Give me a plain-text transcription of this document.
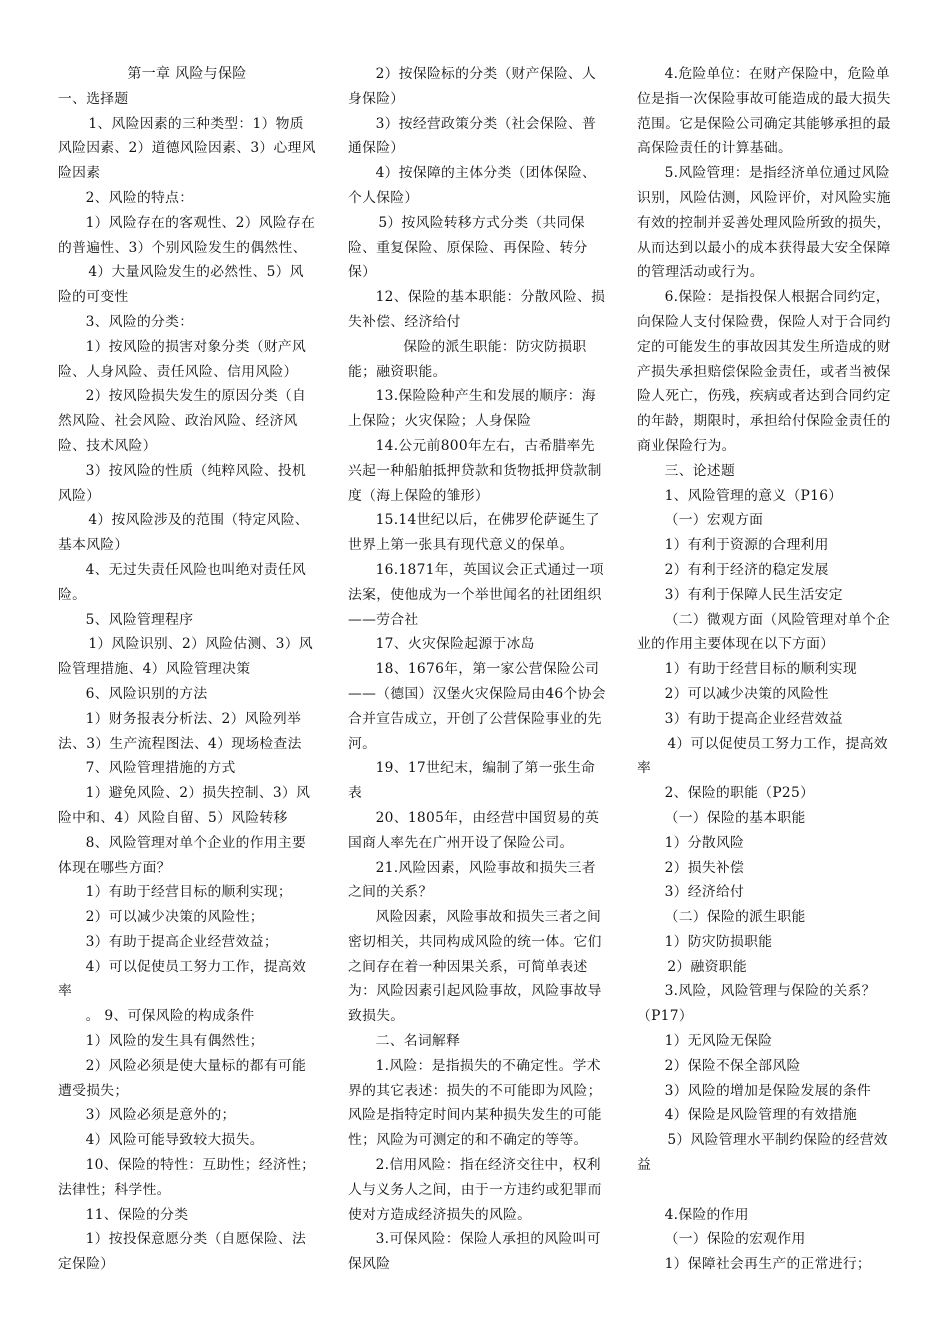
第一章 风险与保险

一、选择题

1、风险因素的三种类型：1）物质风险因素、2）道德风险因素、3）心理风险因素

2、风险的特点：

1）风险存在的客观性、2）风险存在的普遍性、3）个别风险发生的偶然性、

4）大量风险发生的必然性、5）风险的可变性

3、风险的分类：

1）按风险的损害对象分类（财产风险、人身风险、责任风险、信用风险）

2）按风险损失发生的原因分类（自然风险、社会风险、政治风险、经济风险、技术风险）

3）按风险的性质（纯粹风险、投机风险）

4）按风险涉及的范围（特定风险、基本风险）

4、无过失责任风险也叫绝对责任风险。

5、风险管理程序

1）风险识别、2）风险估测、3）风险管理措施、4）风险管理决策

6、风险识别的方法

1）财务报表分析法、2）风险列举法、3）生产流程图法、4）现场检查法

7、风险管理措施的方式

1）避免风险、2）损失控制、3）风险中和、4）风险自留、5）风险转移

8、风险管理对单个企业的作用主要体现在哪些方面？

1）有助于经营目标的顺利实现；

2）可以减少决策的风险性；

3）有助于提高企业经营效益；

4）可以促使员工努力工作，提高效率

。 9、可保风险的构成条件

1）风险的发生具有偶然性；

2）风险必须是使大量标的都有可能遭受损失；

3）风险必须是意外的；

4）风险可能导致较大损失。

10、保险的特性：互助性；经济性；法律性；科学性。

11、保险的分类

1）按投保意愿分类（自愿保险、法定保险）

2）按保险标的分类（财产保险、人身保险）

3）按经营政策分类（社会保险、普通保险）

4）按保障的主体分类（团体保险、个人保险）

5）按风险转移方式分类（共同保险、重复保险、原保险、再保险、转分保）

12、保险的基本职能：分散风险、损失补偿、经济给付

保险的派生职能：防灾防损职能；融资职能。

13.保险险种产生和发展的顺序：海上保险；火灾保险；人身保险

14.公元前800年左右，古希腊率先兴起一种船舶抵押贷款和货物抵押贷款制度（海上保险的雏形）

15.14世纪以后，在佛罗伦萨诞生了世界上第一张具有现代意义的保单。

16.1871年，英国议会正式通过一项法案，使他成为一个举世闻名的社团组织——劳合社

17、火灾保险起源于冰岛

18、1676年，第一家公营保险公司——（德国）汉堡火灾保险局由46个协会合并宣告成立，开创了公营保险事业的先河。

19、17世纪末，编制了第一张生命表

20、1805年，由经营中国贸易的英国商人率先在广州开设了保险公司。

21.风险因素，风险事故和损失三者之间的关系？

风险因素，风险事故和损失三者之间密切相关，共同构成风险的统一体。它们之间存在着一种因果关系，可简单表述为：风险因素引起风险事故，风险事故导致损失。

二、名词解释

1.风险：是指损失的不确定性。学术界的其它表述：损失的不可能即为风险；风险是指特定时间内某种损失发生的可能性；风险为可测定的和不确定的等等。

2.信用风险：指在经济交往中，权利人与义务人之间，由于一方违约或犯罪而使对方造成经济损失的风险。

3.可保风险：保险人承担的风险叫可保风险

4.危险单位：在财产保险中，危险单位是指一次保险事故可能造成的最大损失范围。它是保险公司确定其能够承担的最高保险责任的计算基础。

5.风险管理：是指经济单位通过风险识别，风险估测，风险评价，对风险实施有效的控制并妥善处理风险所致的损失，从而达到以最小的成本获得最大安全保障的管理活动或行为。

6.保险：是指投保人根据合同约定，向保险人支付保险费，保险人对于合同约定的可能发生的事故因其发生所造成的财产损失承担赔偿保险金责任，或者当被保险人死亡，伤残，疾病或者达到合同约定的年龄，期限时，承担给付保险金责任的商业保险行为。

三、论述题

1、风险管理的意义（P16）

（一）宏观方面

1）有利于资源的合理利用

2）有利于经济的稳定发展

3）有利于保障人民生活安定

（二）微观方面（风险管理对单个企业的作用主要体现在以下方面）

1）有助于经营目标的顺利实现

2）可以减少决策的风险性

3）有助于提高企业经营效益

4）可以促使员工努力工作，提高效率

2、保险的职能（P25）

（一）保险的基本职能

1）分散风险

2）损失补偿

3）经济给付

（二）保险的派生职能

1）防灾防损职能

2）融资职能

3.风险，风险管理与保险的关系？（P17）

1）无风险无保险

2）保险不保全部风险

3）风险的增加是保险发展的条件

4）保险是风险管理的有效措施

5）风险管理水平制约保险的经营效益

4.保险的作用

（一）保险的宏观作用

1）保障社会再生产的正常进行；
